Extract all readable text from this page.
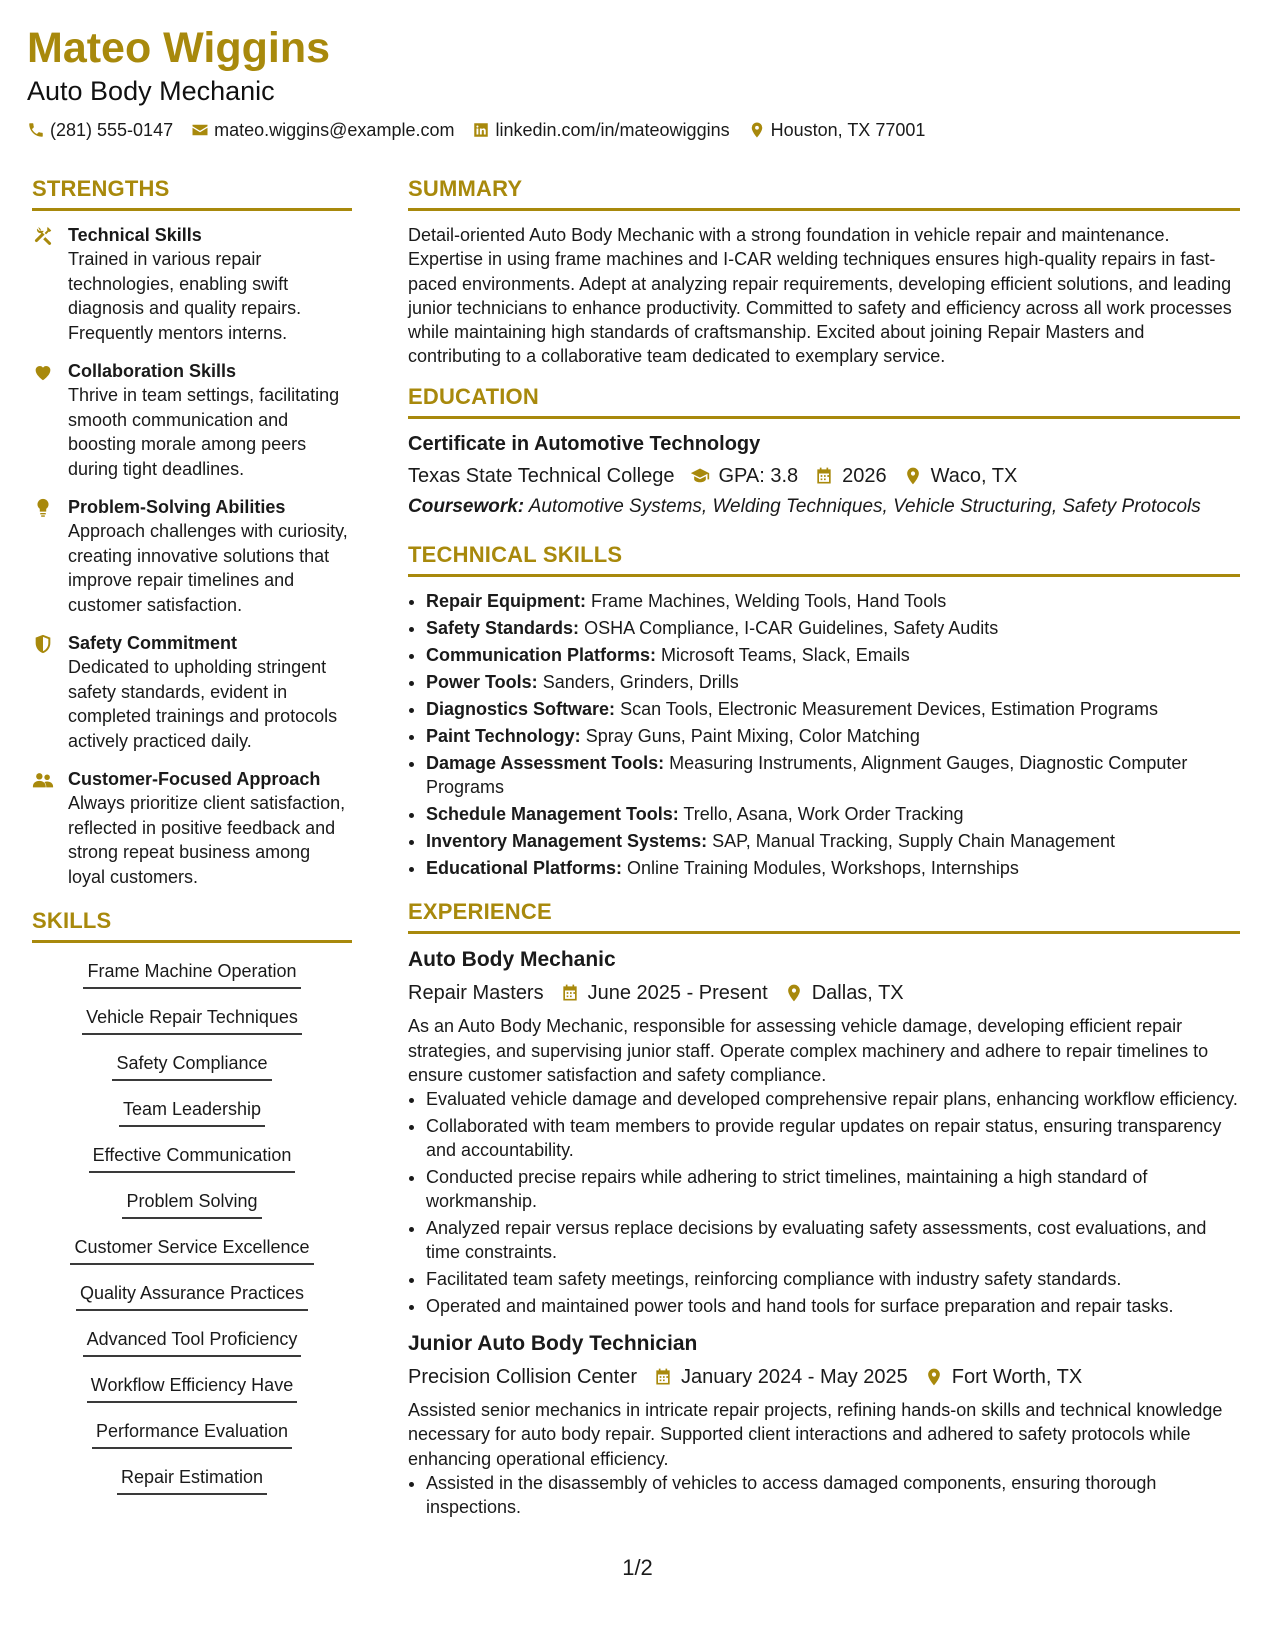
Mateo Wiggins
Auto Body Mechanic
(281) 555-0147 mateo.wiggins@example.com linkedin.com/in/mateowiggins Houston, TX 77001
STRENGTHS
Technical Skills
Trained in various repair technologies, enabling swift diagnosis and quality repairs. Frequently mentors interns.
Collaboration Skills
Thrive in team settings, facilitating smooth communication and boosting morale among peers during tight deadlines.
Problem-Solving Abilities
Approach challenges with curiosity, creating innovative solutions that improve repair timelines and customer satisfaction.
Safety Commitment
Dedicated to upholding stringent safety standards, evident in completed trainings and protocols actively practiced daily.
Customer-Focused Approach
Always prioritize client satisfaction, reflected in positive feedback and strong repeat business among loyal customers.
SKILLS
Frame Machine Operation
Vehicle Repair Techniques
Safety Compliance
Team Leadership
Effective Communication
Problem Solving
Customer Service Excellence
Quality Assurance Practices
Advanced Tool Proficiency
Workflow Efficiency Have
Performance Evaluation
Repair Estimation
SUMMARY

Detail-oriented Auto Body Mechanic with a strong foundation in vehicle repair and maintenance. Expertise in using frame machines and I-CAR welding techniques ensures high-quality repairs in fast-paced environments. Adept at analyzing repair requirements, developing efficient solutions, and leading junior technicians to enhance productivity. Committed to safety and efficiency across all work processes while maintaining high standards of craftsmanship. Excited about joining Repair Masters and contributing to a collaborative team dedicated to exemplary service.

EDUCATION
Certificate in Automotive Technology
Texas State Technical College GPA: 3.8 2026 Waco, TX
Coursework: Automotive Systems, Welding Techniques, Vehicle Structuring, Safety Protocols
TECHNICAL SKILLS
• Repair Equipment: Frame Machines, Welding Tools, Hand Tools
• Safety Standards: OSHA Compliance, I-CAR Guidelines, Safety Audits
• Communication Platforms: Microsoft Teams, Slack, Emails
• Power Tools: Sanders, Grinders, Drills
• Diagnostics Software: Scan Tools, Electronic Measurement Devices, Estimation Programs
• Paint Technology: Spray Guns, Paint Mixing, Color Matching
• Damage Assessment Tools: Measuring Instruments, Alignment Gauges, Diagnostic Computer Programs
• Schedule Management Tools: Trello, Asana, Work Order Tracking
• Inventory Management Systems: SAP, Manual Tracking, Supply Chain Management
• Educational Platforms: Online Training Modules, Workshops, Internships
EXPERIENCE
Auto Body Mechanic
Repair Masters June 2025 - Present Dallas, TX
As an Auto Body Mechanic, responsible for assessing vehicle damage, developing efficient repair strategies, and supervising junior staff. Operate complex machinery and adhere to repair timelines to ensure customer satisfaction and safety compliance.
• Evaluated vehicle damage and developed comprehensive repair plans, enhancing workflow efficiency.
• Collaborated with team members to provide regular updates on repair status, ensuring transparency and accountability.
• Conducted precise repairs while adhering to strict timelines, maintaining a high standard of workmanship.
• Analyzed repair versus replace decisions by evaluating safety assessments, cost evaluations, and time constraints.
• Facilitated team safety meetings, reinforcing compliance with industry safety standards.
• Operated and maintained power tools and hand tools for surface preparation and repair tasks.
Junior Auto Body Technician
Precision Collision Center January 2024 - May 2025 Fort Worth, TX
Assisted senior mechanics in intricate repair projects, refining hands-on skills and technical knowledge necessary for auto body repair. Supported client interactions and adhered to safety protocols while enhancing operational efficiency.
• Assisted in the disassembly of vehicles to access damaged components, ensuring thorough inspections.
1/2
